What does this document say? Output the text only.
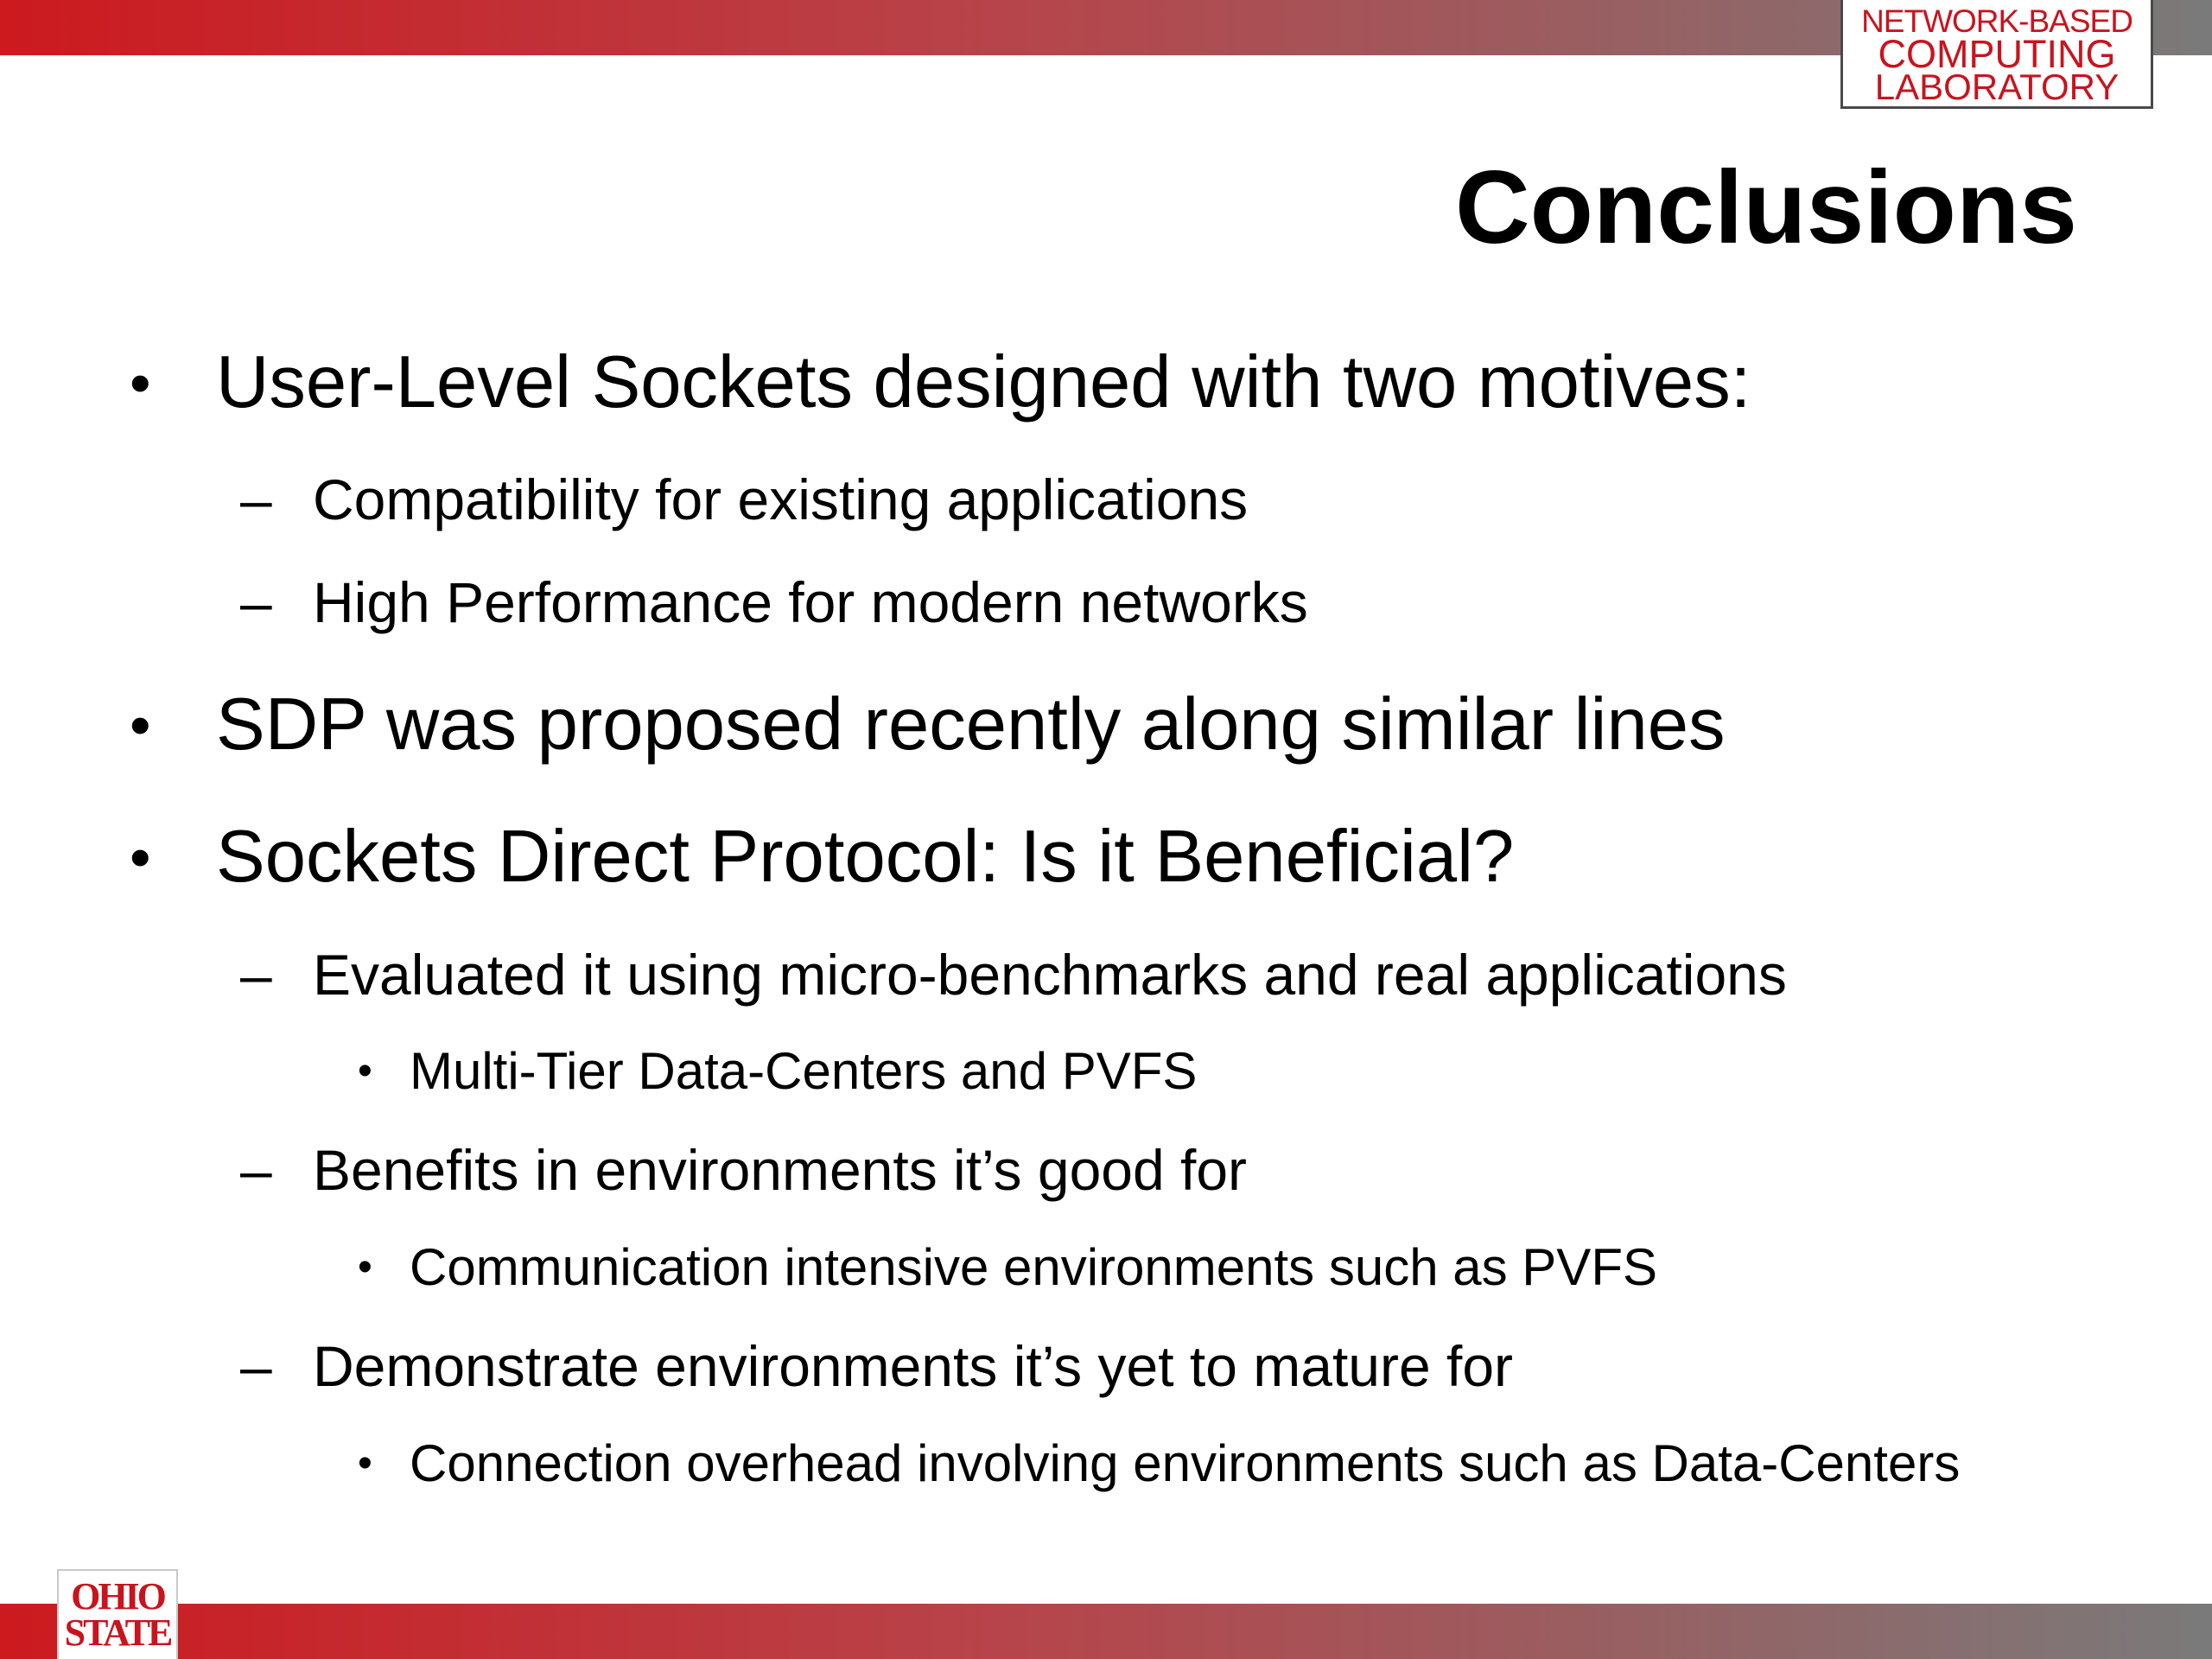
NETWORK-BASED
COMPUTING
LABORATORY
Conclusions
• User-Level Sockets designed with two motives:
– Compatibility for existing applications
– High Performance for modern networks
• SDP was proposed recently along similar lines
• Sockets Direct Protocol: Is it Beneficial?
– Evaluated it using micro-benchmarks and real applications
• Multi-Tier Data-Centers and PVFS
– Benefits in environments it’s good for
• Communication intensive environments such as PVFS
– Demonstrate environments it’s yet to mature for
• Connection overhead involving environments such as Data-Centers
OHIO
STATE
